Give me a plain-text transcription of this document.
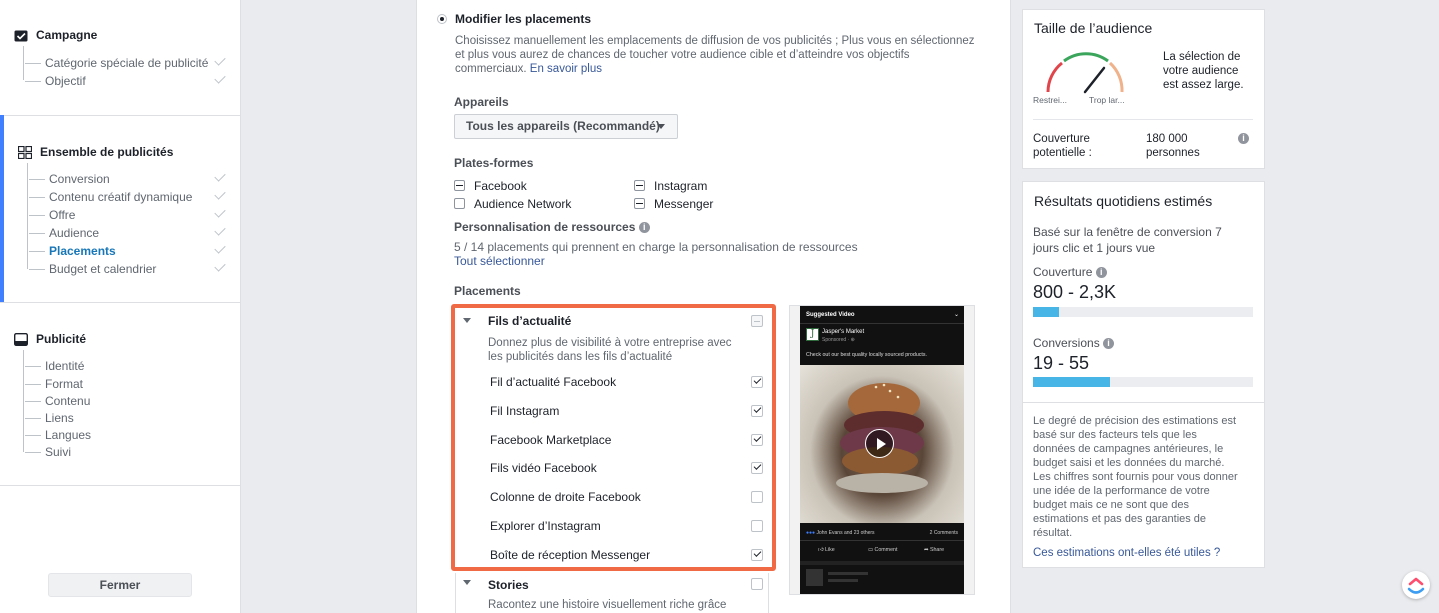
Campagne
Catégorie spéciale de publicité
Objectif
Ensemble de publicités
Conversion
Contenu créatif dynamique
Offre
Audience
Placements
Budget et calendrier
Publicité
Identité
Format
Contenu
Liens
Langues
Suivi
Fermer
Modifier les placements
Choisissez manuellement les emplacements de diffusion de vos publicités ; Plus vous en sélectionnez
et plus vous aurez de chances de toucher votre audience cible et d’atteindre vos objectifs
commerciaux. En savoir plus
Appareils
Tous les appareils (Recommandé)
Plates-formes
Facebook	Instagram
Audience Network	Messenger
Personnalisation de ressources i
5 / 14 placements qui prennent en charge la personnalisation de ressources
Tout sélectionner
Placements
Fils d’actualité
Donnez plus de visibilité à votre entreprise avec
les publicités dans les fils d’actualité
Fil d’actualité Facebook
Fil Instagram
Facebook Marketplace
Fils vidéo Facebook
Colonne de droite Facebook
Explorer d’Instagram
Boîte de réception Messenger
Stories
Racontez une histoire visuellement riche grâce
Suggested Video	⌄
J	Jasper's Market
Sponsored · ⊕
Check out our best quality locally sourced products.
●●● John Evans and 23 others	2 Comments
👍︎ Like	▭ Comment	➦ Share
Taille de l’audience
Restrei...	Trop lar...
La sélection de
votre audience
est assez large.
Couverture
potentielle :
180 000
personnes
i
Résultats quotidiens estimés
Basé sur la fenêtre de conversion 7
jours clic et 1 jours vue
Couverture i
800 - 2,3K
Conversions i
19 - 55
Le degré de précision des estimations est
basé sur des facteurs tels que les
données de campagnes antérieures, le
budget saisi et les données du marché.
Les chiffres sont fournis pour vous donner
une idée de la performance de votre
budget mais ce ne sont que des
estimations et pas des garanties de
résultat.
Ces estimations ont-elles été utiles ?
